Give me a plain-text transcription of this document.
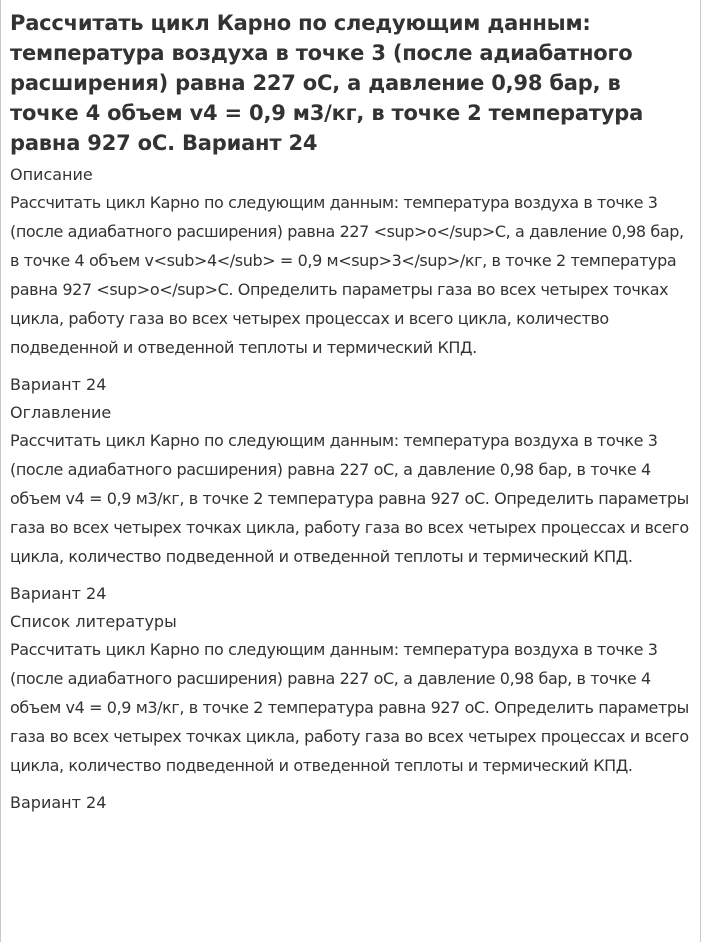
Рассчитать цикл Карно по следующим данным: температура воздуха в точке 3 (после адиабатного расширения) равна 227 оС, а давление 0,98 бар, в точке 4 объем v4 = 0,9 м3/кг, в точке 2 температура равна 927 оС. Вариант 24
Описание
Рассчитать цикл Карно по следующим данным: температура воздуха в точке 3 (после адиабатного расширения) равна 227 <sup>o</sup>C, а давление 0,98 бар, в точке 4 объем v<sub>4</sub> = 0,9 м<sup>3</sup>/кг, в точке 2 температура равна 927 <sup>o</sup>C. Определить параметры газа во всех четырех точках цикла, работу газа во всех четырех процессах и всего цикла, количество подведенной и отведенной теплоты и термический КПД.
Вариант 24
Оглавление
Рассчитать цикл Карно по следующим данным: температура воздуха в точке 3 (после адиабатного расширения) равна 227 оС, а давление 0,98 бар, в точке 4 объем v4 = 0,9 м3/кг, в точке 2 температура равна 927 оС. Определить параметры газа во всех четырех точках цикла, работу газа во всех четырех процессах и всего цикла, количество подведенной и отведенной теплоты и термический КПД.
Вариант 24
Список литературы
Рассчитать цикл Карно по следующим данным: температура воздуха в точке 3 (после адиабатного расширения) равна 227 оС, а давление 0,98 бар, в точке 4 объем v4 = 0,9 м3/кг, в точке 2 температура равна 927 оС. Определить параметры газа во всех четырех точках цикла, работу газа во всех четырех процессах и всего цикла, количество подведенной и отведенной теплоты и термический КПД.
Вариант 24
